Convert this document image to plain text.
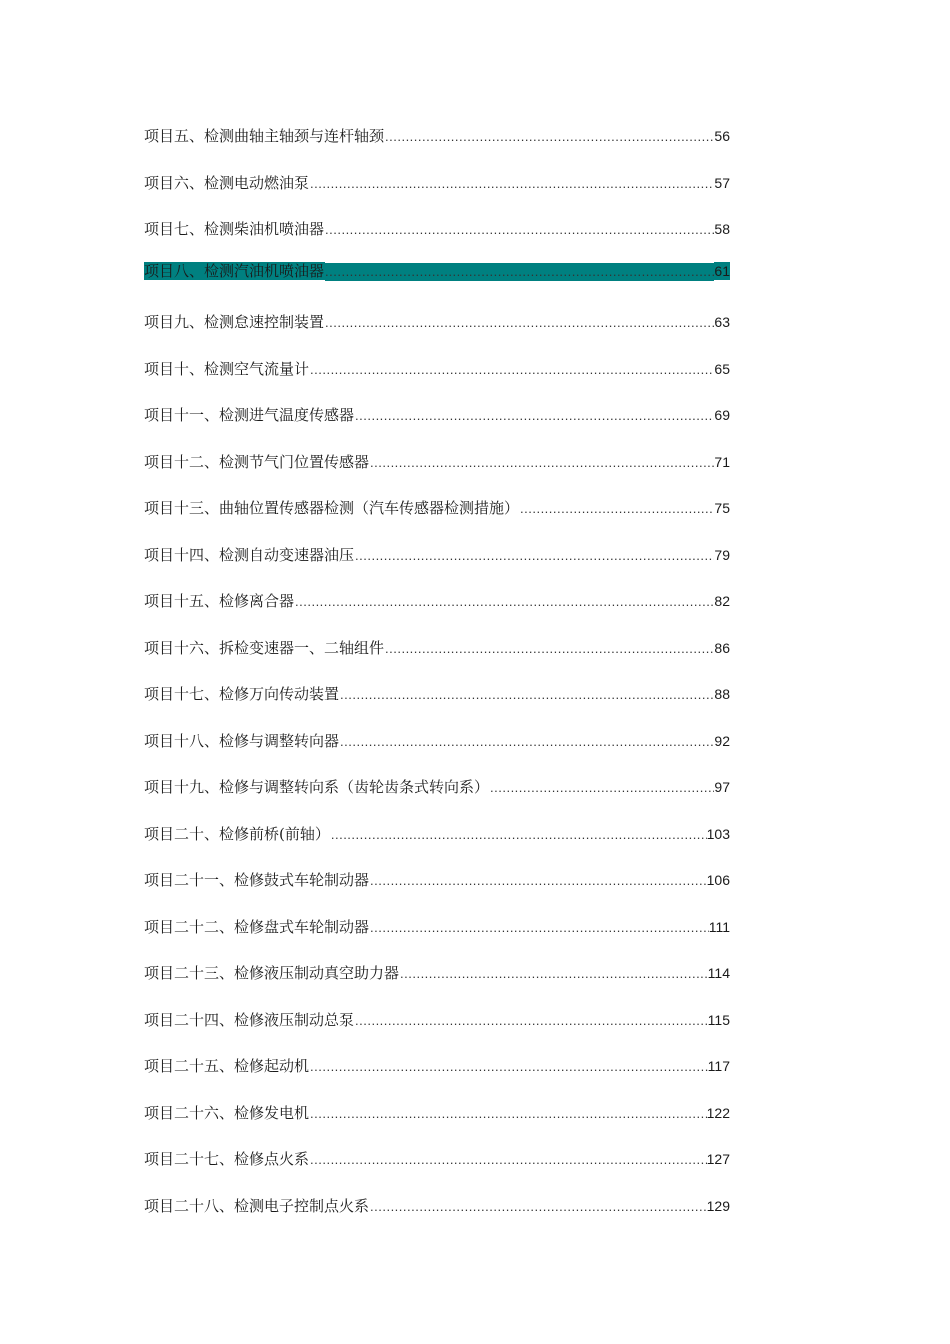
项目五、检测曲轴主轴颈与连杆轴颈 .....	56
项目六、检测电动燃油泵 .....	57
项目七、检测柴油机喷油器 .....	58
项目八、检测汽油机喷油器 .....	61
项目九、检测怠速控制装置 .....	63
项目十、检测空气流量计 .....	65
项目十一、检测进气温度传感器 .....	69
项目十二、检测节气门位置传感器 .....	71
项目十三、曲轴位置传感器检测（汽车传感器检测措施） .....	75
项目十四、检测自动变速器油压 .....	79
项目十五、检修离合器 .....	82
项目十六、拆检变速器一、二轴组件 .....	86
项目十七、检修万向传动装置 .....	88
项目十八、检修与调整转向器 .....	92
项目十九、检修与调整转向系（齿轮齿条式转向系） .....	97
项目二十、检修前桥(前轴） .....	103
项目二十一、检修鼓式车轮制动器 .....	106
项目二十二、检修盘式车轮制动器 .....	111
项目二十三、检修液压制动真空助力器 .....	114
项目二十四、检修液压制动总泵 .....	115
项目二十五、检修起动机 .....	117
项目二十六、检修发电机 .....	122
项目二十七、检修点火系 .....	127
项目二十八、检测电子控制点火系 .....	129
